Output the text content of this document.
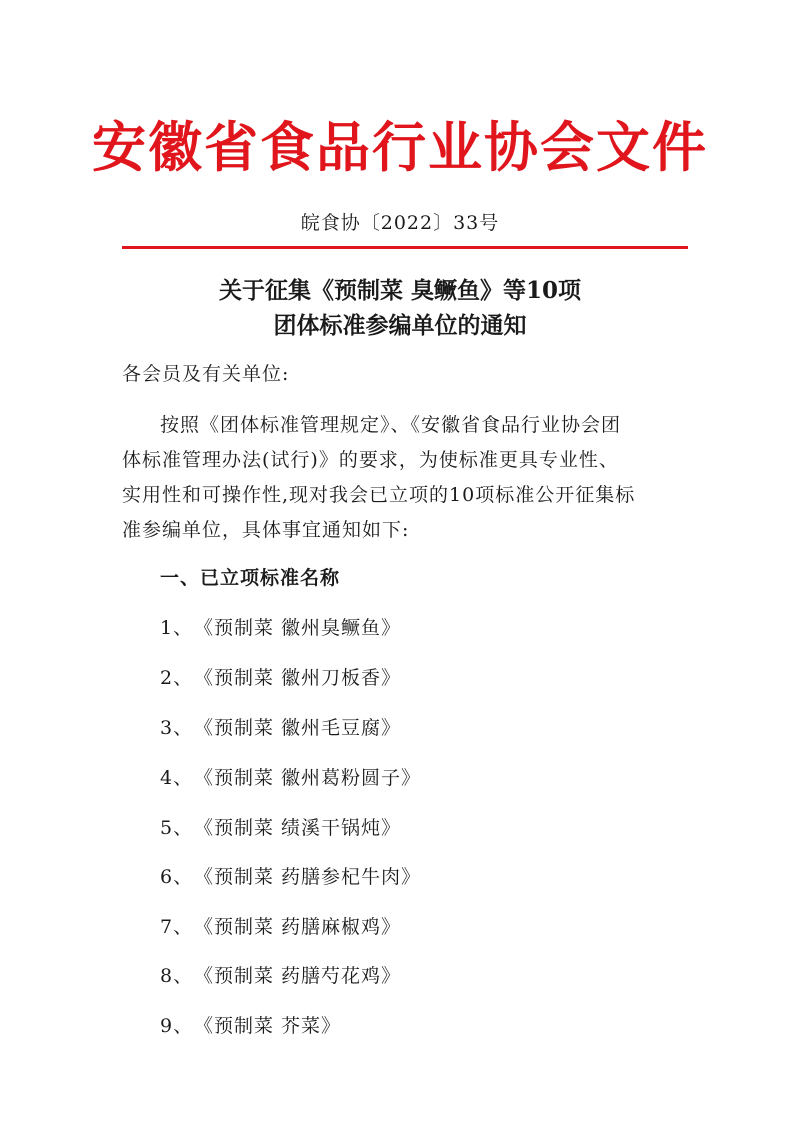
安徽省食品行业协会文件
皖食协〔2022〕33号
关于征集《预制菜 臭鳜鱼》等10项
团体标准参编单位的通知
各会员及有关单位:
按照《团体标准管理规定》、《安徽省食品行业协会团
体标准管理办法(试行)》的要求，为使标准更具专业性、
实用性和可操作性,现对我会已立项的10项标准公开征集标
准参编单位，具体事宜通知如下:
一、已立项标准名称
1、《预制菜 徽州臭鳜鱼》
2、《预制菜 徽州刀板香》
3、《预制菜 徽州毛豆腐》
4、《预制菜 徽州葛粉圆子》
5、《预制菜 绩溪干锅炖》
6、《预制菜 药膳参杞牛肉》
7、《预制菜 药膳麻椒鸡》
8、《预制菜 药膳芍花鸡》
9、《预制菜 芥菜》
